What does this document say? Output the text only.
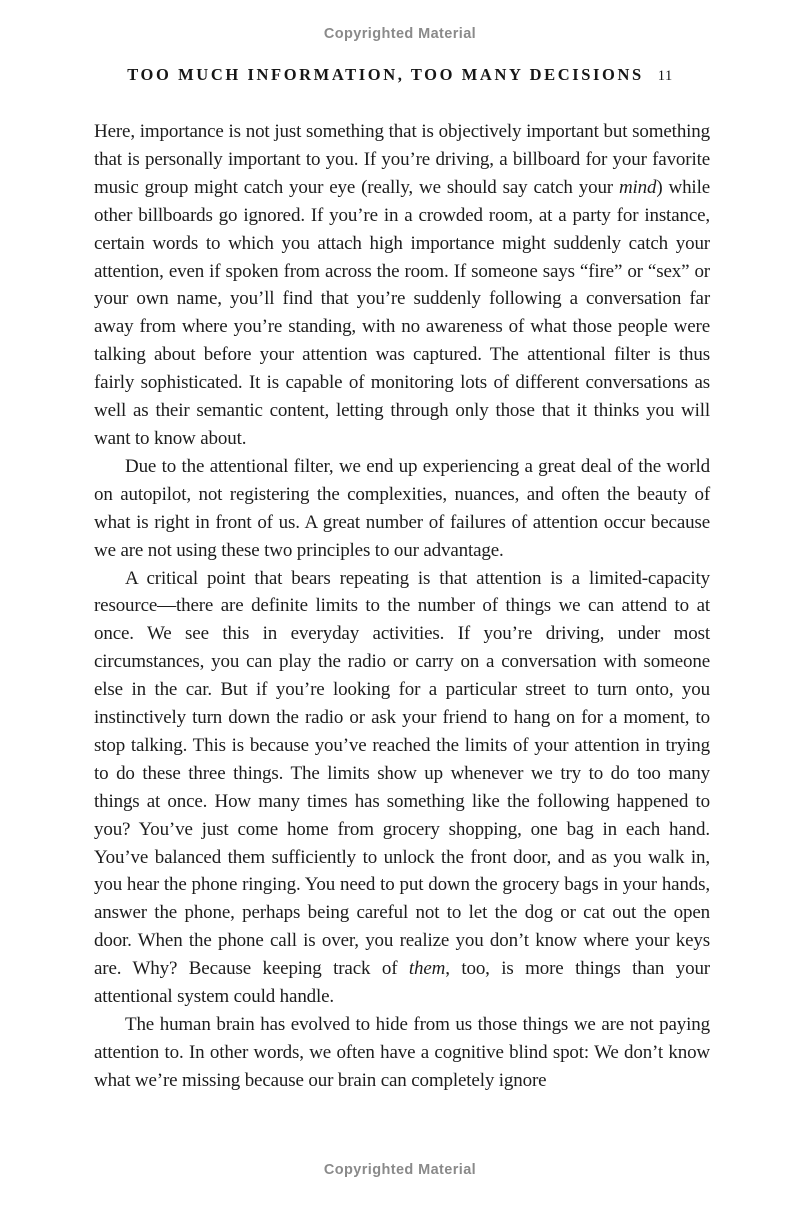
Copyrighted Material
TOO MUCH INFORMATION, TOO MANY DECISIONS 11

Here, importance is not just something that is objectively important but something that is personally important to you. If you’re driving, a billboard for your favorite music group might catch your eye (really, we should say catch your mind) while other billboards go ignored. If you’re in a crowded room, at a party for instance, certain words to which you attach high importance might suddenly catch your attention, even if spoken from across the room. If someone says “fire” or “sex” or your own name, you’ll find that you’re suddenly following a conversation far away from where you’re standing, with no awareness of what those people were talking about before your attention was captured. The attentional filter is thus fairly sophisticated. It is capable of monitoring lots of different conversations as well as their semantic content, letting through only those that it thinks you will want to know about.

Due to the attentional filter, we end up experiencing a great deal of the world on autopilot, not registering the complexities, nuances, and often the beauty of what is right in front of us. A great number of failures of attention occur because we are not using these two principles to our advantage.

A critical point that bears repeating is that attention is a limited-capacity resource—there are definite limits to the number of things we can attend to at once. We see this in everyday activities. If you’re driving, under most circumstances, you can play the radio or carry on a conversation with someone else in the car. But if you’re looking for a particular street to turn onto, you instinctively turn down the radio or ask your friend to hang on for a moment, to stop talking. This is because you’ve reached the limits of your attention in trying to do these three things. The limits show up whenever we try to do too many things at once. How many times has something like the following happened to you? You’ve just come home from grocery shopping, one bag in each hand. You’ve balanced them sufficiently to unlock the front door, and as you walk in, you hear the phone ringing. You need to put down the grocery bags in your hands, answer the phone, perhaps being careful not to let the dog or cat out the open door. When the phone call is over, you realize you don’t know where your keys are. Why? Because keeping track of them, too, is more things than your attentional system could handle.

The human brain has evolved to hide from us those things we are not paying attention to. In other words, we often have a cognitive blind spot: We don’t know what we’re missing because our brain can completely ignore

Copyrighted Material
